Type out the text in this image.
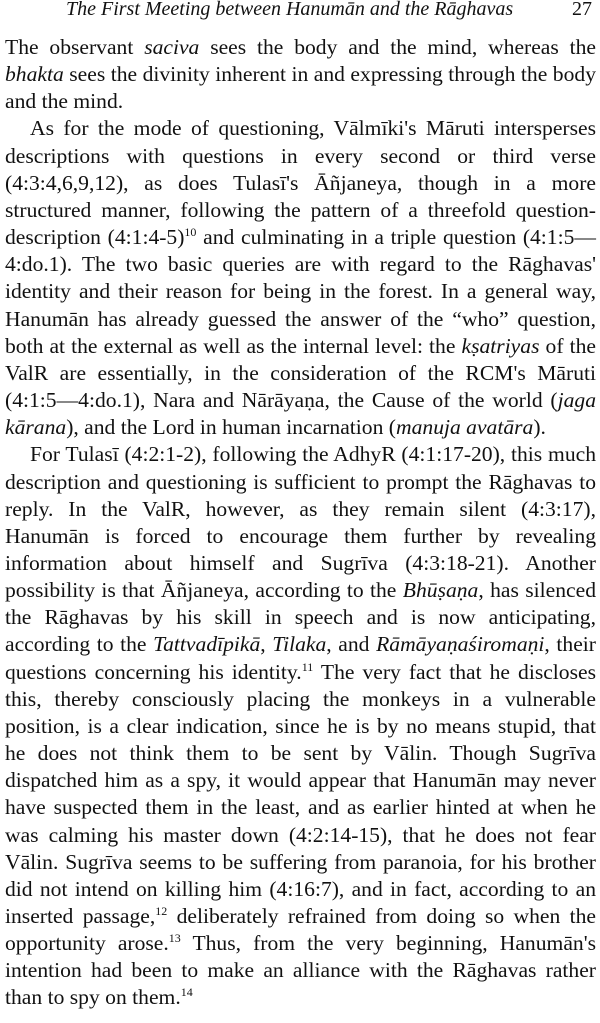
The First Meeting between Hanumān and the Rāghavas	27

The observant saciva sees the body and the mind, whereas the bhakta sees the divinity inherent in and expressing through the body and the mind.

As for the mode of questioning, Vālmīki's Māruti intersperses descriptions with questions in every second or third verse (4:3:4,6,9,12), as does Tulasī's Āñjaneya, though in a more structured manner, following the pattern of a threefold question-description (4:1:4-5)$^{10}$ and culminating in a triple question (4:1:5—4:do.1). The two basic queries are with regard to the Rāghavas' identity and their reason for being in the forest. In a general way, Hanumān has already guessed the answer of the “who” question, both at the external as well as the internal level: the kṣatriyas of the ValR are essentially, in the consideration of the RCM's Māruti (4:1:5—4:do.1), Nara and Nārāyaṇa, the Cause of the world (jaga kārana), and the Lord in human incarnation (manuja avatāra).

For Tulasī (4:2:1-2), following the AdhyR (4:1:17-20), this much description and questioning is sufficient to prompt the Rāghavas to reply. In the ValR, however, as they remain silent (4:3:17), Hanumān is forced to encourage them further by revealing information about himself and Sugrīva (4:3:18-21). Another possibility is that Āñjaneya, according to the Bhūṣaṇa, has silenced the Rāghavas by his skill in speech and is now anticipating, according to the Tattvadīpikā, Tilaka, and Rāmāyaṇaśiromaṇi, their questions concerning his identity.$^{11}$ The very fact that he discloses this, thereby consciously placing the monkeys in a vulnerable position, is a clear indication, since he is by no means stupid, that he does not think them to be sent by Vālin. Though Sugrīva dispatched him as a spy, it would appear that Hanumān may never have suspected them in the least, and as earlier hinted at when he was calming his master down (4:2:14-15), that he does not fear Vālin. Sugrīva seems to be suffering from paranoia, for his brother did not intend on killing him (4:16:7), and in fact, according to an inserted passage,$^{12}$ deliberately refrained from doing so when the opportunity arose.$^{13}$ Thus, from the very beginning, Hanumān's intention had been to make an alliance with the Rāghavas rather than to spy on them.$^{14}$
